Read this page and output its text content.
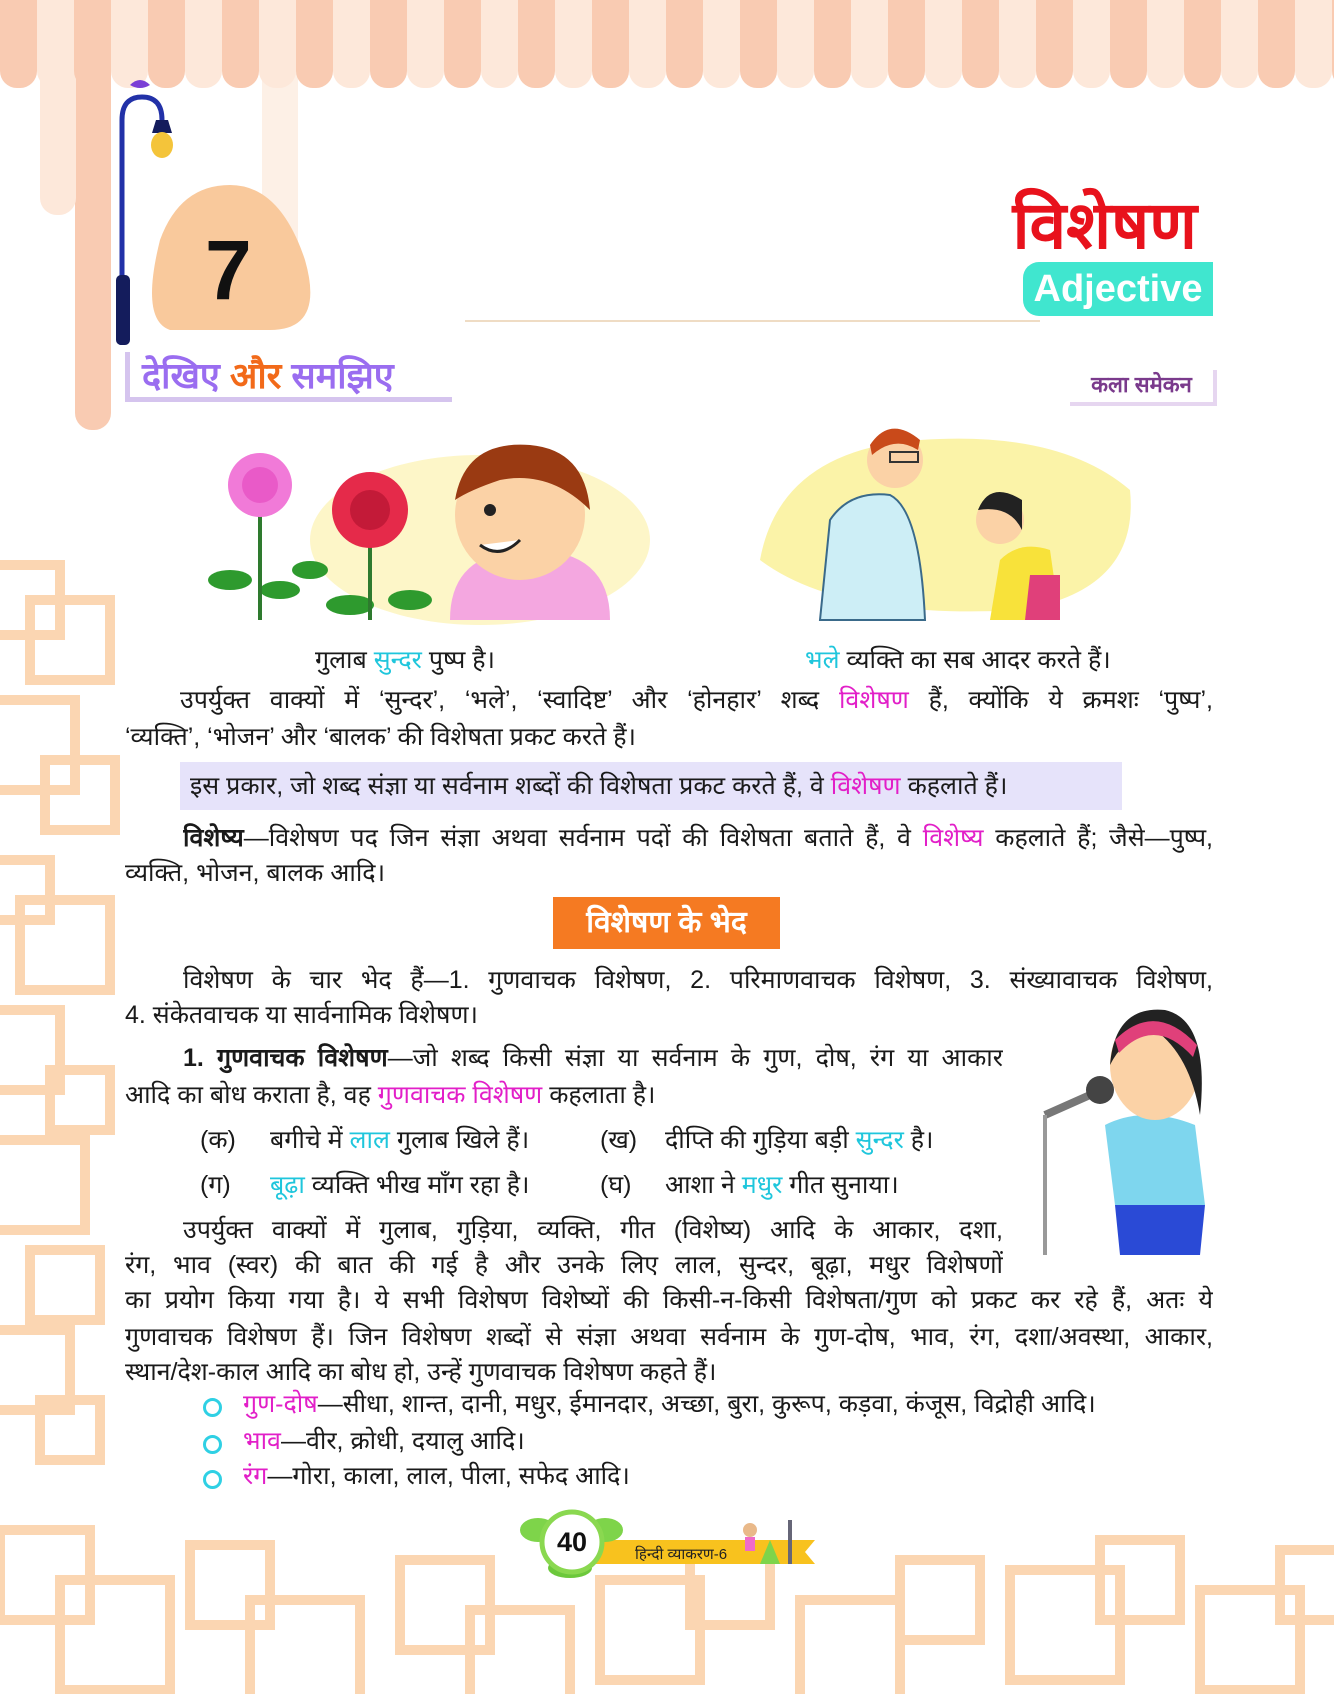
7	विशेषण
Adjective
देखिए और समझिए	कला समेकन
गुलाब सुन्दर पुष्प है।	भले व्यक्ति का सब आदर करते हैं।
उपर्युक्त वाक्यों में ‘सुन्दर’, ‘भले’, ‘स्वादिष्ट’ और ‘होनहार’ शब्द विशेषण हैं, क्योंकि ये क्रमशः ‘पुष्प’,
‘व्यक्ति’, ‘भोजन’ और ‘बालक’ की विशेषता प्रकट करते हैं।
इस प्रकार, जो शब्द संज्ञा या सर्वनाम शब्दों की विशेषता प्रकट करते हैं, वे विशेषण कहलाते हैं।
विशेष्य—विशेषण पद जिन संज्ञा अथवा सर्वनाम पदों की विशेषता बताते हैं, वे विशेष्य कहलाते हैं; जैसे—पुष्प,
व्यक्ति, भोजन, बालक आदि।
विशेषण के भेद
विशेषण के चार भेद हैं—1. गुणवाचक विशेषण, 2. परिमाणवाचक विशेषण, 3. संख्यावाचक विशेषण,
4. संकेतवाचक या सार्वनामिक विशेषण।
1. गुणवाचक विशेषण—जो शब्द किसी संज्ञा या सर्वनाम के गुण, दोष, रंग या आकार
आदि का बोध कराता है, वह गुणवाचक विशेषण कहलाता है।
(क) बगीचे में लाल गुलाब खिले हैं।	(ख) दीप्ति की गुड़िया बड़ी सुन्दर है।
(ग) बूढ़ा व्यक्ति भीख माँग रहा है।	(घ) आशा ने मधुर गीत सुनाया।
उपर्युक्त वाक्यों में गुलाब, गुड़िया, व्यक्ति, गीत (विशेष्य) आदि के आकार, दशा,
रंग, भाव (स्वर) की बात की गई है और उनके लिए लाल, सुन्दर, बूढ़ा, मधुर विशेषणों
का प्रयोग किया गया है। ये सभी विशेषण विशेष्यों की किसी-न-किसी विशेषता/गुण को प्रकट कर रहे हैं, अतः ये
गुणवाचक विशेषण हैं। जिन विशेषण शब्दों से संज्ञा अथवा सर्वनाम के गुण-दोष, भाव, रंग, दशा/अवस्था, आकार,
स्थान/देश-काल आदि का बोध हो, उन्हें गुणवाचक विशेषण कहते हैं।
गुण-दोष—सीधा, शान्त, दानी, मधुर, ईमानदार, अच्छा, बुरा, कुरूप, कड़वा, कंजूस, विद्रोही आदि।
भाव—वीर, क्रोधी, दयालु आदि।
रंग—गोरा, काला, लाल, पीला, सफेद आदि।
40	हिन्दी व्याकरण-6
